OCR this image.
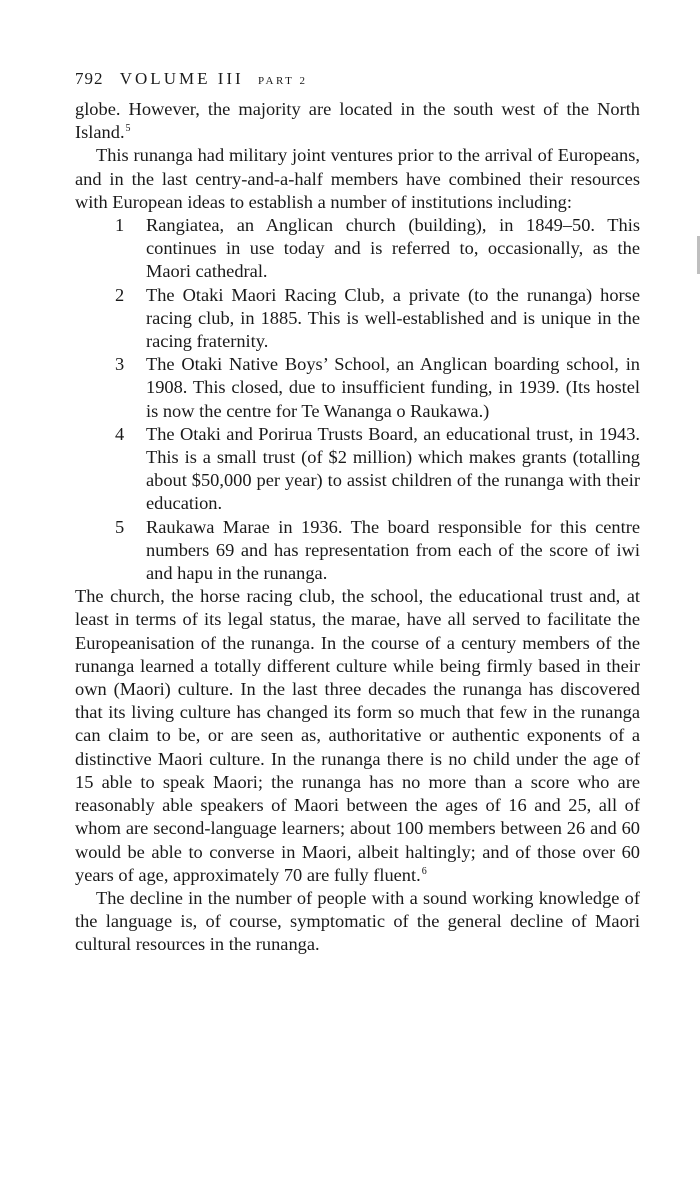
792 VOLUME III PART 2

globe. However, the majority are located in the south west of the North Island.$^5$

This runanga had military joint ventures prior to the arrival of Europeans, and in the last centry-and-a-half members have combined their resources with European ideas to establish a number of institutions including:

1 Rangiatea, an Anglican church (building), in 1849–50. This continues in use today and is referred to, occasionally, as the Maori cathedral.
2 The Otaki Maori Racing Club, a private (to the runanga) horse racing club, in 1885. This is well-established and is unique in the racing fraternity.
3 The Otaki Native Boys’ School, an Anglican boarding school, in 1908. This closed, due to insufficient funding, in 1939. (Its hostel is now the centre for Te Wananga o Raukawa.)
4 The Otaki and Porirua Trusts Board, an educational trust, in 1943. This is a small trust (of $2 million) which makes grants (totalling about $50,000 per year) to assist children of the runanga with their education.
5 Raukawa Marae in 1936. The board responsible for this centre numbers 69 and has representation from each of the score of iwi and hapu in the runanga.

The church, the horse racing club, the school, the educational trust and, at least in terms of its legal status, the marae, have all served to facilitate the Europeanisation of the runanga. In the course of a century members of the runanga learned a totally different culture while being firmly based in their own (Maori) culture. In the last three decades the runanga has discovered that its living culture has changed its form so much that few in the runanga can claim to be, or are seen as, authoritative or authentic exponents of a distinctive Maori culture. In the runanga there is no child under the age of 15 able to speak Maori; the runanga has no more than a score who are reasonably able speakers of Maori between the ages of 16 and 25, all of whom are second-language learners; about 100 members between 26 and 60 would be able to converse in Maori, albeit haltingly; and of those over 60 years of age, approximately 70 are fully fluent.$^6$

The decline in the number of people with a sound working knowledge of the language is, of course, symptomatic of the general decline of Maori cultural resources in the runanga.
